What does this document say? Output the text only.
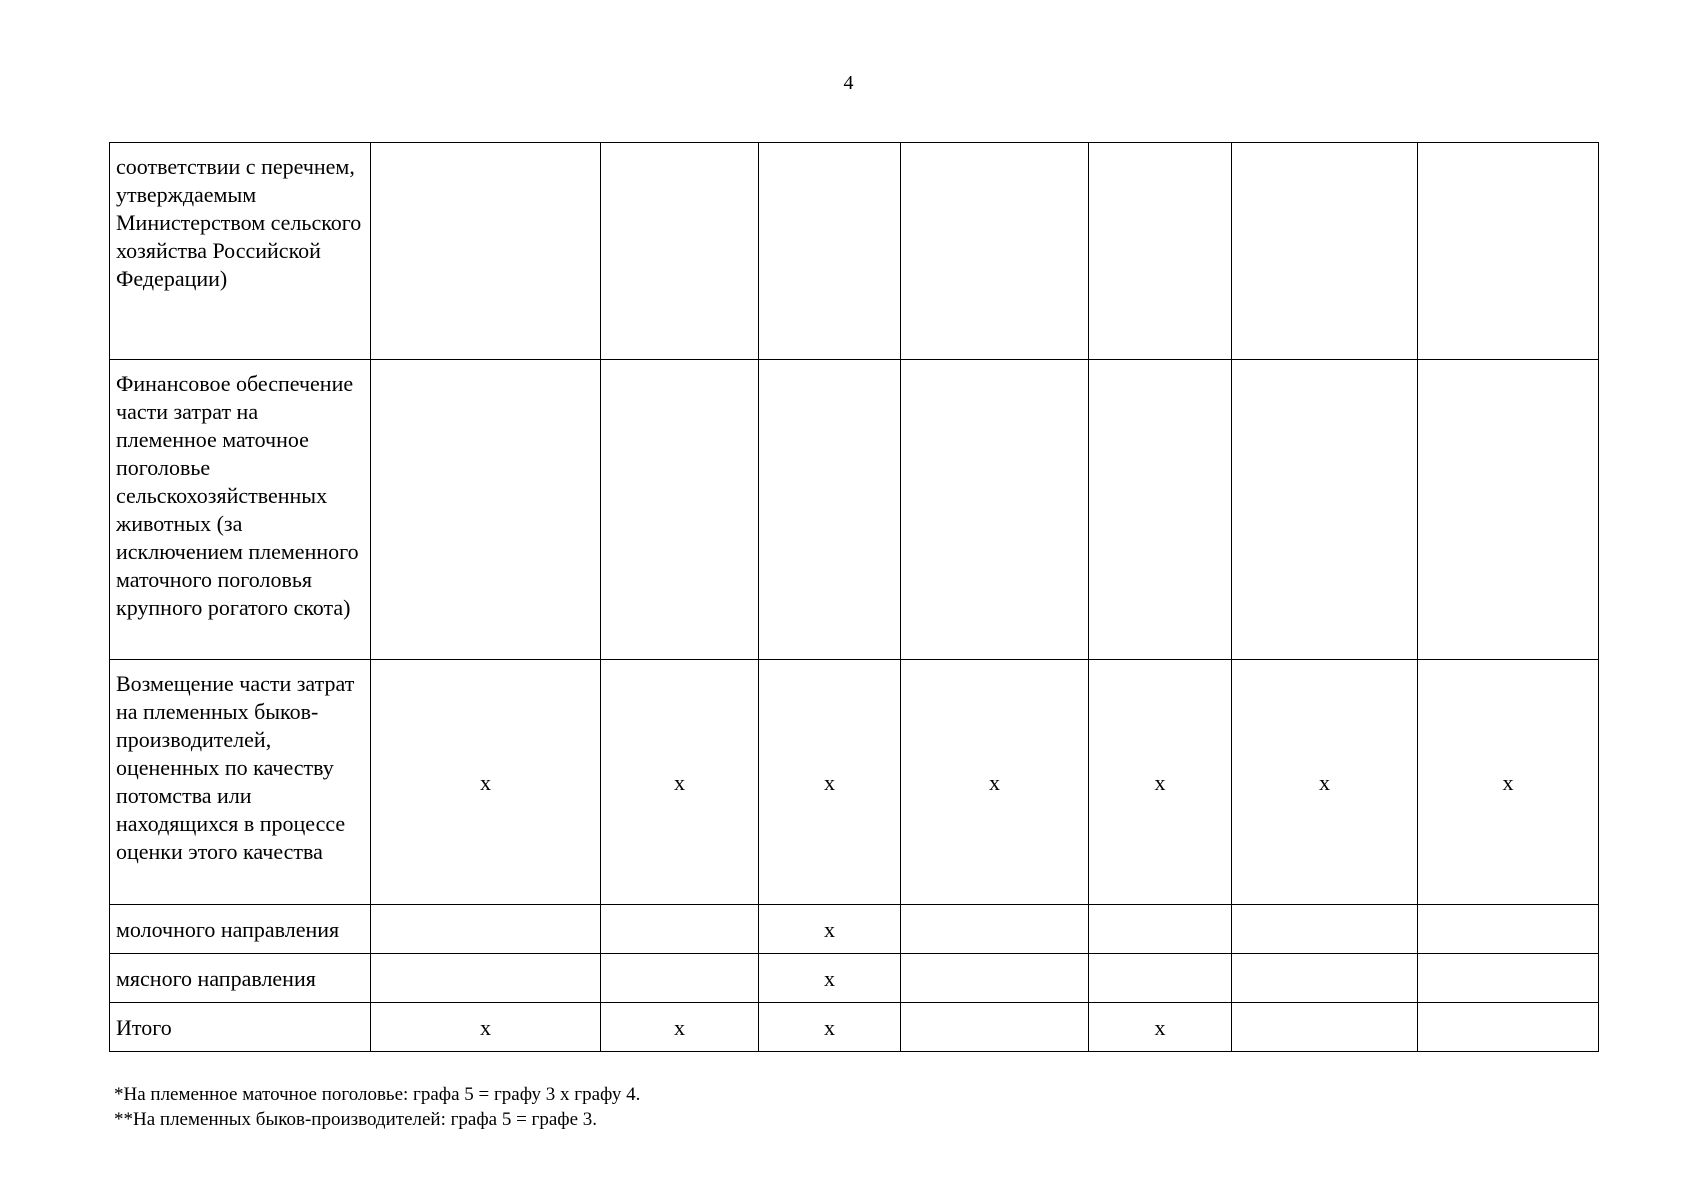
4
соответствии с перечнем, утверждаемым Министерством сельского хозяйства Российской Федерации)							
Финансовое обеспечение части затрат на племенное маточное поголовье сельскохозяйственных животных (за исключением племенного маточного поголовья крупного рогатого скота)							
Возмещение части затрат на племенных быков-производителей, оцененных по качеству потомства или находящихся в процессе оценки этого качества	х	х	х	х	х	х	х
молочного направления			х				
мясного направления			х				
Итого	х	х	х		х		
*На племенное маточное поголовье: графа 5 = графу 3 х графу 4.
**На племенных быков-производителей: графа 5 = графе 3.
